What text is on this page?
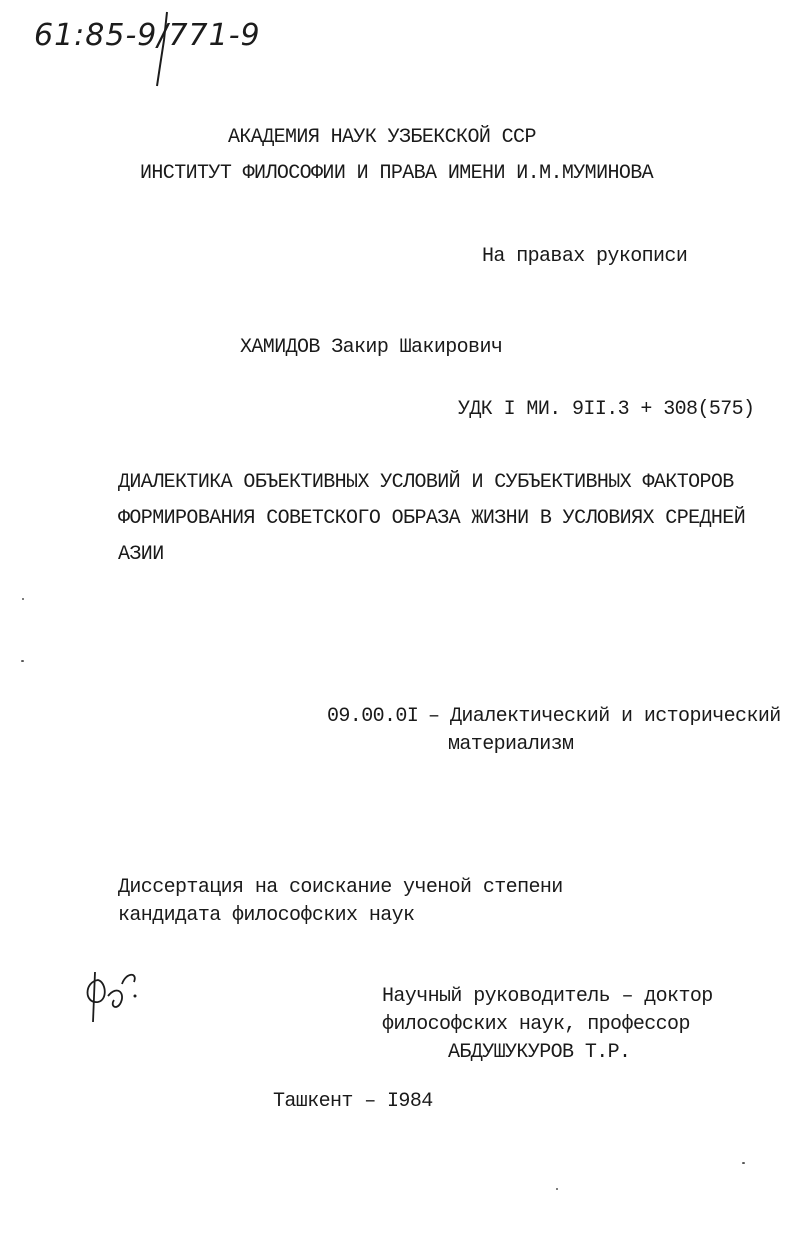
61:85-9/771-9
АКАДЕМИЯ НАУК УЗБЕКСКОЙ ССР
ИНСТИТУТ ФИЛОСОФИИ И ПРАВА ИМЕНИ И.М.МУМИНОВА
На правах рукописи
ХАМИДОВ Закир Шакирович
УДК I МИ. 9II.3 + 308(575)
ДИАЛЕКТИКА ОБЪЕКТИВНЫХ УСЛОВИЙ И СУБЪЕКТИВНЫХ ФАКТОРОВ
ФОРМИРОВАНИЯ СОВЕТСКОГО ОБРАЗА ЖИЗНИ В УСЛОВИЯХ СРЕДНЕЙ
АЗИИ
09.00.0I – Диалектический и исторический
материализм
Диссертация на соискание ученой степени
кандидата философских наук
Научный руководитель – доктор
философских наук, профессор
АБДУШУКУРОВ Т.Р.
Ташкент – I984
